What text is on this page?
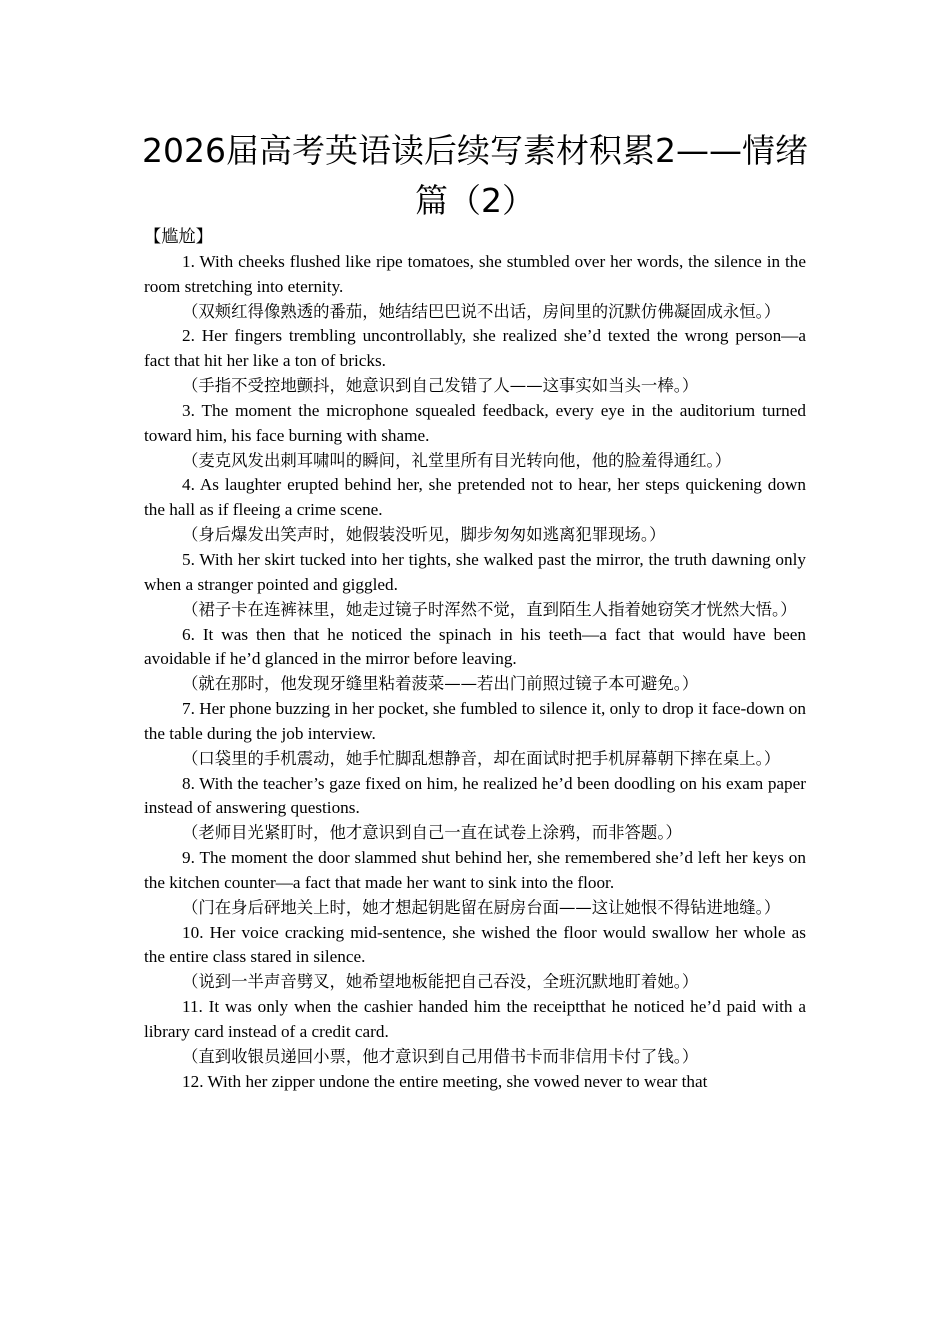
2026届高考英语读后续写素材积累2——情绪篇（2）

【尴尬】

1. With cheeks flushed like ripe tomatoes, she stumbled over her words, the silence in the room stretching into eternity.

（双颊红得像熟透的番茄，她结结巴巴说不出话，房间里的沉默仿佛凝固成永恒。）

2. Her fingers trembling uncontrollably, she realized she’d texted the wrong person—a fact that hit her like a ton of bricks.

（手指不受控地颤抖，她意识到自己发错了人——这事实如当头一棒。）

3. The moment the microphone squealed feedback, every eye in the auditorium turned toward him, his face burning with shame.

（麦克风发出刺耳啸叫的瞬间，礼堂里所有目光转向他，他的脸羞得通红。）

4. As laughter erupted behind her, she pretended not to hear, her steps quickening down the hall as if fleeing a crime scene.

（身后爆发出笑声时，她假装没听见，脚步匆匆如逃离犯罪现场。）

5. With her skirt tucked into her tights, she walked past the mirror, the truth dawning only when a stranger pointed and giggled.

（裙子卡在连裤袜里，她走过镜子时浑然不觉，直到陌生人指着她窃笑才恍然大悟。）

6. It was then that he noticed the spinach in his teeth—a fact that would have been avoidable if he’d glanced in the mirror before leaving.

（就在那时，他发现牙缝里粘着菠菜——若出门前照过镜子本可避免。）

7. Her phone buzzing in her pocket, she fumbled to silence it, only to drop it face-down on the table during the job interview.

（口袋里的手机震动，她手忙脚乱想静音，却在面试时把手机屏幕朝下摔在桌上。）

8. With the teacher’s gaze fixed on him, he realized he’d been doodling on his exam paper instead of answering questions.

（老师目光紧盯时，他才意识到自己一直在试卷上涂鸦，而非答题。）

9. The moment the door slammed shut behind her, she remembered she’d left her keys on the kitchen counter—a fact that made her want to sink into the floor.

（门在身后砰地关上时，她才想起钥匙留在厨房台面——这让她恨不得钻进地缝。）

10. Her voice cracking mid-sentence, she wished the floor would swallow her whole as the entire class stared in silence.

（说到一半声音劈叉，她希望地板能把自己吞没，全班沉默地盯着她。）

11. It was only when the cashier handed him the receiptthat he noticed he’d paid with a library card instead of a credit card.

（直到收银员递回小票，他才意识到自己用借书卡而非信用卡付了钱。）

12. With her zipper undone the entire meeting, she vowed never to wear that
